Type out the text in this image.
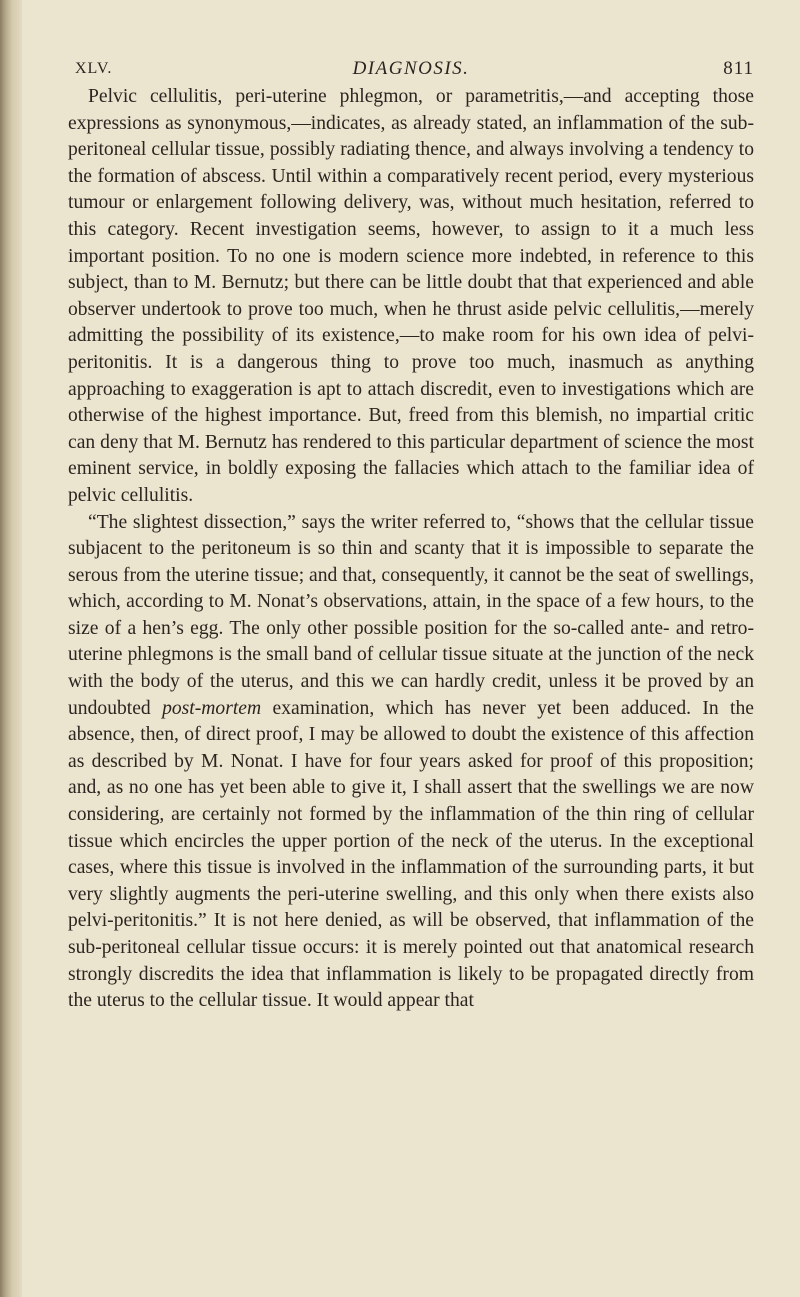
XLV.	DIAGNOSIS.	811

Pelvic cellulitis, peri-uterine phlegmon, or parametritis,—and accepting those expressions as synonymous,—indicates, as already stated, an inflammation of the sub-peritoneal cellular tissue, possibly radiating thence, and always involving a tendency to the formation of abscess. Until within a comparatively recent period, every mysterious tumour or enlargement following delivery, was, without much hesitation, referred to this category. Recent investigation seems, however, to assign to it a much less important position. To no one is modern science more indebted, in reference to this subject, than to M. Bernutz; but there can be little doubt that that experienced and able observer undertook to prove too much, when he thrust aside pelvic cellulitis,—merely admitting the possibility of its existence,—to make room for his own idea of pelvi-peritonitis. It is a dangerous thing to prove too much, inasmuch as anything approaching to exaggeration is apt to attach discredit, even to investigations which are otherwise of the highest importance. But, freed from this blemish, no impartial critic can deny that M. Bernutz has rendered to this particular department of science the most eminent service, in boldly exposing the fallacies which attach to the familiar idea of pelvic cellulitis.

“The slightest dissection,” says the writer referred to, “shows that the cellular tissue subjacent to the peritoneum is so thin and scanty that it is impossible to separate the serous from the uterine tissue; and that, consequently, it cannot be the seat of swellings, which, according to M. Nonat’s observations, attain, in the space of a few hours, to the size of a hen’s egg. The only other possible position for the so-called ante- and retro-uterine phlegmons is the small band of cellular tissue situate at the junction of the neck with the body of the uterus, and this we can hardly credit, unless it be proved by an undoubted post-mortem examination, which has never yet been adduced. In the absence, then, of direct proof, I may be allowed to doubt the existence of this affection as described by M. Nonat. I have for four years asked for proof of this proposition; and, as no one has yet been able to give it, I shall assert that the swellings we are now considering, are certainly not formed by the inflammation of the thin ring of cellular tissue which encircles the upper portion of the neck of the uterus. In the exceptional cases, where this tissue is involved in the inflammation of the surrounding parts, it but very slightly augments the peri-uterine swelling, and this only when there exists also pelvi-peritonitis.” It is not here denied, as will be observed, that inflammation of the sub-peritoneal cellular tissue occurs: it is merely pointed out that anatomical research strongly discredits the idea that inflammation is likely to be propagated directly from the uterus to the cellular tissue. It would appear that
